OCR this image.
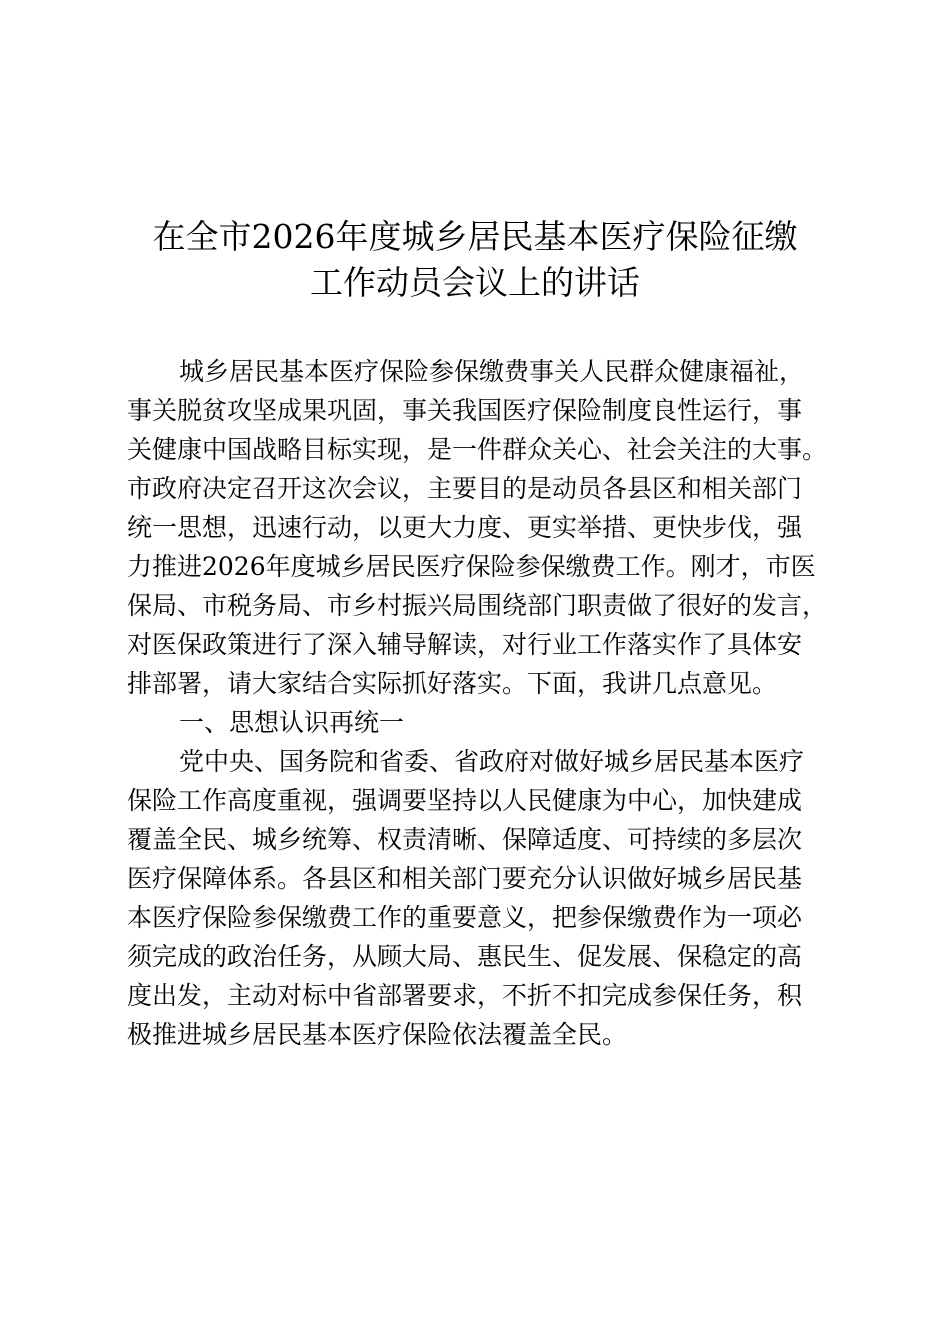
在全市2026年度城乡居民基本医疗保险征缴
工作动员会议上的讲话
城乡居民基本医疗保险参保缴费事关人民群众健康福祉，
事关脱贫攻坚成果巩固，事关我国医疗保险制度良性运行，事
关健康中国战略目标实现，是一件群众关心、社会关注的大事。
市政府决定召开这次会议，主要目的是动员各县区和相关部门
统一思想，迅速行动，以更大力度、更实举措、更快步伐，强
力推进2026年度城乡居民医疗保险参保缴费工作。刚才，市医
保局、市税务局、市乡村振兴局围绕部门职责做了很好的发言，
对医保政策进行了深入辅导解读，对行业工作落实作了具体安
排部署，请大家结合实际抓好落实。下面，我讲几点意见。
一、思想认识再统一
党中央、国务院和省委、省政府对做好城乡居民基本医疗
保险工作高度重视，强调要坚持以人民健康为中心，加快建成
覆盖全民、城乡统筹、权责清晰、保障适度、可持续的多层次
医疗保障体系。各县区和相关部门要充分认识做好城乡居民基
本医疗保险参保缴费工作的重要意义，把参保缴费作为一项必
须完成的政治任务，从顾大局、惠民生、促发展、保稳定的高
度出发，主动对标中省部署要求，不折不扣完成参保任务，积
极推进城乡居民基本医疗保险依法覆盖全民。
